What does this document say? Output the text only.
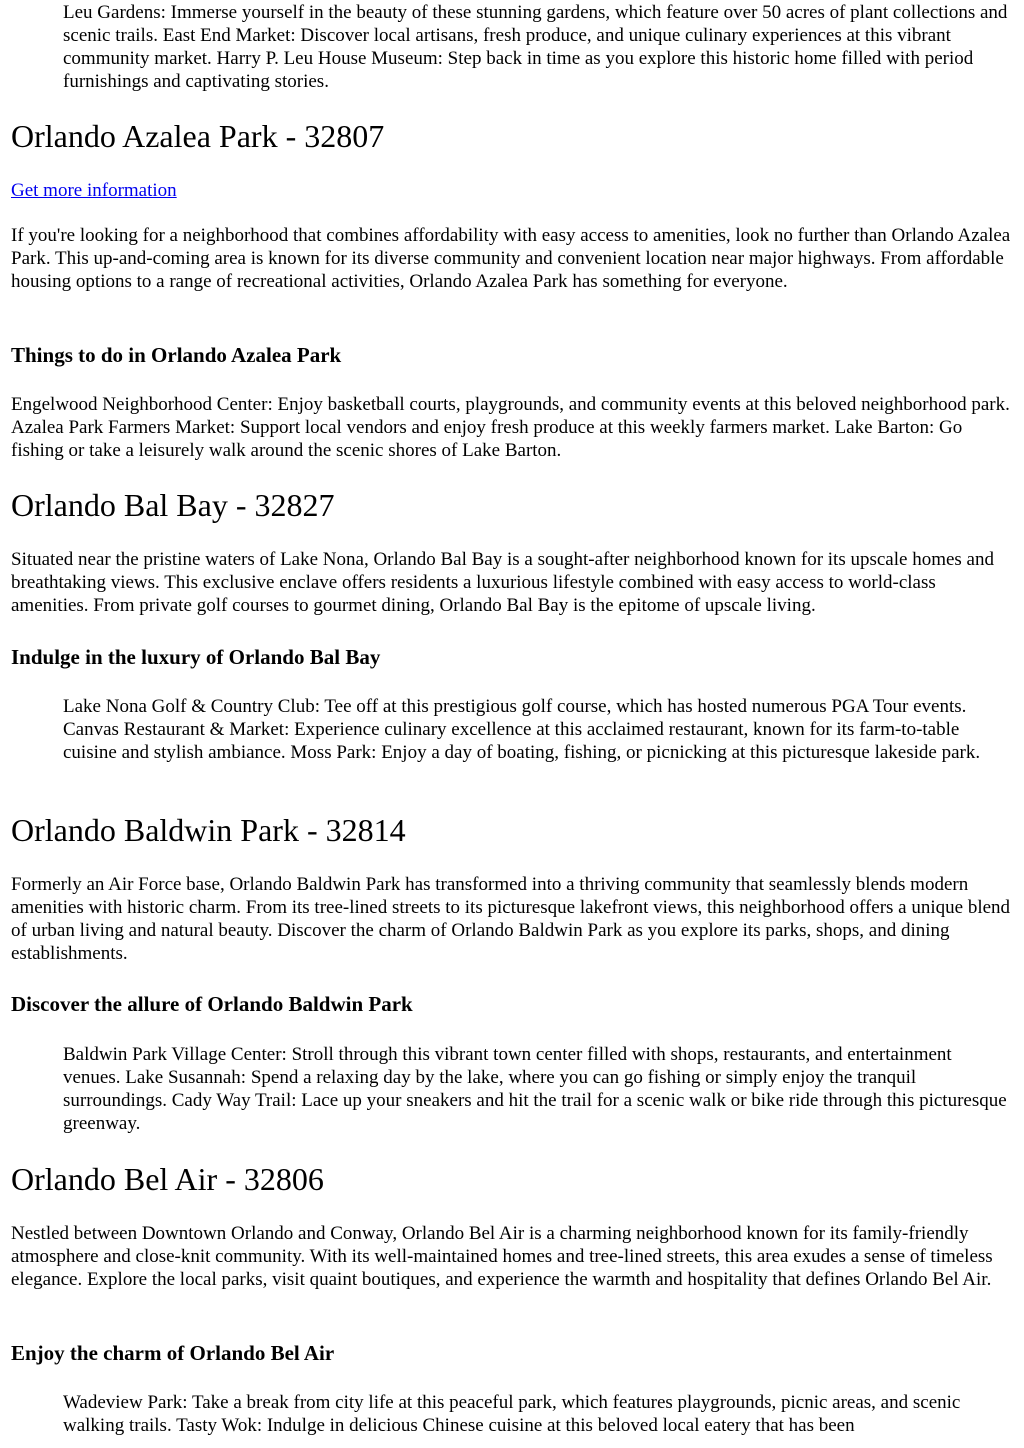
Leu Gardens: Immerse yourself in the beauty of these stunning gardens, which feature over 50 acres of plant collections and scenic trails. East End Market: Discover local artisans, fresh produce, and unique culinary experiences at this vibrant community market. Harry P. Leu House Museum: Step back in time as you explore this historic home filled with period furnishings and captivating stories.

Orlando Azalea Park - 32807
Get more information

If you're looking for a neighborhood that combines affordability with easy access to amenities, look no further than Orlando Azalea Park. This up-and-coming area is known for its diverse community and convenient location near major highways. From affordable housing options to a range of recreational activities, Orlando Azalea Park has something for everyone.

Things to do in Orlando Azalea Park

Engelwood Neighborhood Center: Enjoy basketball courts, playgrounds, and community events at this beloved neighborhood park. Azalea Park Farmers Market: Support local vendors and enjoy fresh produce at this weekly farmers market. Lake Barton: Go fishing or take a leisurely walk around the scenic shores of Lake Barton.

Orlando Bal Bay - 32827

Situated near the pristine waters of Lake Nona, Orlando Bal Bay is a sought-after neighborhood known for its upscale homes and breathtaking views. This exclusive enclave offers residents a luxurious lifestyle combined with easy access to world-class amenities. From private golf courses to gourmet dining, Orlando Bal Bay is the epitome of upscale living.

Indulge in the luxury of Orlando Bal Bay

Lake Nona Golf & Country Club: Tee off at this prestigious golf course, which has hosted numerous PGA Tour events. Canvas Restaurant & Market: Experience culinary excellence at this acclaimed restaurant, known for its farm-to-table cuisine and stylish ambiance. Moss Park: Enjoy a day of boating, fishing, or picnicking at this picturesque lakeside park.

Orlando Baldwin Park - 32814

Formerly an Air Force base, Orlando Baldwin Park has transformed into a thriving community that seamlessly blends modern amenities with historic charm. From its tree-lined streets to its picturesque lakefront views, this neighborhood offers a unique blend of urban living and natural beauty. Discover the charm of Orlando Baldwin Park as you explore its parks, shops, and dining establishments.

Discover the allure of Orlando Baldwin Park

Baldwin Park Village Center: Stroll through this vibrant town center filled with shops, restaurants, and entertainment venues. Lake Susannah: Spend a relaxing day by the lake, where you can go fishing or simply enjoy the tranquil surroundings. Cady Way Trail: Lace up your sneakers and hit the trail for a scenic walk or bike ride through this picturesque greenway.

Orlando Bel Air - 32806

Nestled between Downtown Orlando and Conway, Orlando Bel Air is a charming neighborhood known for its family-friendly atmosphere and close-knit community. With its well-maintained homes and tree-lined streets, this area exudes a sense of timeless elegance. Explore the local parks, visit quaint boutiques, and experience the warmth and hospitality that defines Orlando Bel Air.

Enjoy the charm of Orlando Bel Air

Wadeview Park: Take a break from city life at this peaceful park, which features playgrounds, picnic areas, and scenic walking trails. Tasty Wok: Indulge in delicious Chinese cuisine at this beloved local eatery that has been
